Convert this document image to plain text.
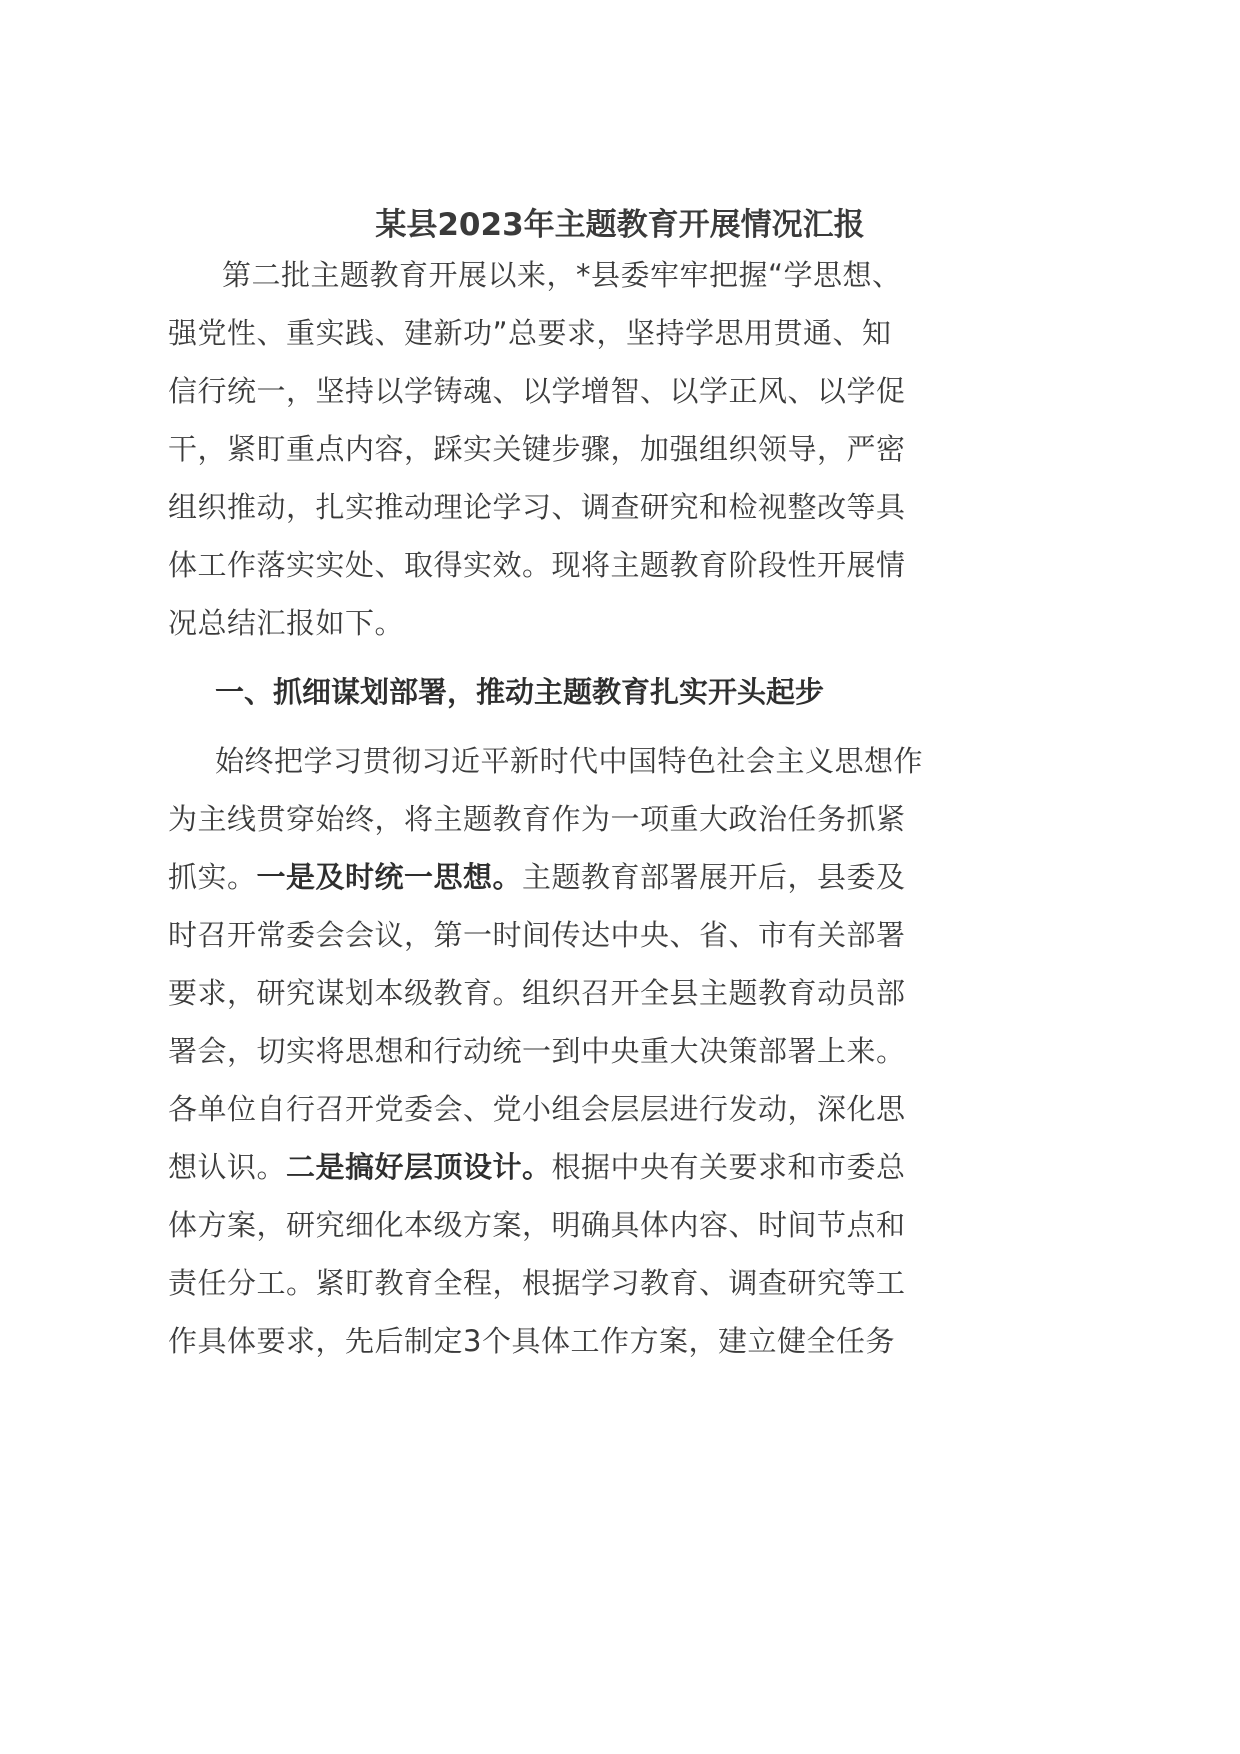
某县2023年主题教育开展情况汇报
第二批主题教育开展以来，*县委牢牢把握“学思想、
强党性、重实践、建新功”总要求，坚持学思用贯通、知
信行统一，坚持以学铸魂、以学增智、以学正风、以学促
干，紧盯重点内容，踩实关键步骤，加强组织领导，严密
组织推动，扎实推动理论学习、调查研究和检视整改等具
体工作落实实处、取得实效。现将主题教育阶段性开展情
况总结汇报如下。
一、抓细谋划部署，推动主题教育扎实开头起步
始终把学习贯彻习近平新时代中国特色社会主义思想作
为主线贯穿始终，将主题教育作为一项重大政治任务抓紧
抓实。一是及时统一思想。主题教育部署展开后，县委及
时召开常委会会议，第一时间传达中央、省、市有关部署
要求，研究谋划本级教育。组织召开全县主题教育动员部
署会，切实将思想和行动统一到中央重大决策部署上来。
各单位自行召开党委会、党小组会层层进行发动，深化思
想认识。二是搞好层顶设计。根据中央有关要求和市委总
体方案，研究细化本级方案，明确具体内容、时间节点和
责任分工。紧盯教育全程，根据学习教育、调查研究等工
作具体要求，先后制定3个具体工作方案，建立健全任务
